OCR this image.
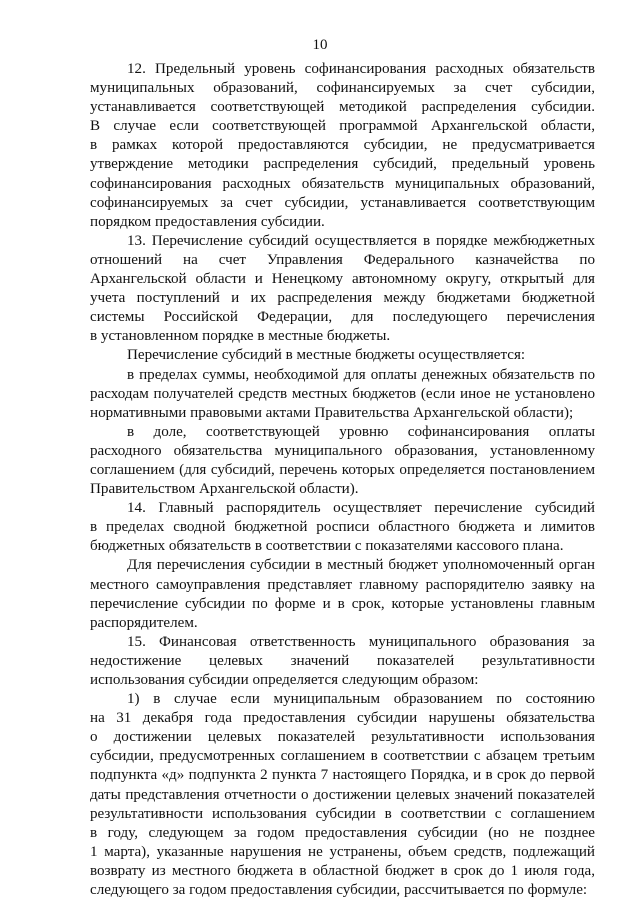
10
12. Предельный уровень софинансирования расходных обязательств
муниципальных образований, софинансируемых за счет субсидии,
устанавливается соответствующей методикой распределения субсидии.
В случае если соответствующей программой Архангельской области,
в рамках которой предоставляются субсидии, не предусматривается
утверждение методики распределения субсидий, предельный уровень
софинансирования расходных обязательств муниципальных образований,
софинансируемых за счет субсидии, устанавливается соответствующим
порядком предоставления субсидии.
13. Перечисление субсидий осуществляется в порядке межбюджетных
отношений на счет Управления Федерального казначейства по
Архангельской области и Ненецкому автономному округу, открытый для
учета поступлений и их распределения между бюджетами бюджетной
системы Российской Федерации, для последующего перечисления
в установленном порядке в местные бюджеты.
Перечисление субсидий в местные бюджеты осуществляется:
в пределах суммы, необходимой для оплаты денежных обязательств по
расходам получателей средств местных бюджетов (если иное не установлено
нормативными правовыми актами Правительства Архангельской области);
в доле, соответствующей уровню софинансирования оплаты
расходного обязательства муниципального образования, установленному
соглашением (для субсидий, перечень которых определяется постановлением
Правительством Архангельской области).
14. Главный распорядитель осуществляет перечисление субсидий
в пределах сводной бюджетной росписи областного бюджета и лимитов
бюджетных обязательств в соответствии с показателями кассового плана.
Для перечисления субсидии в местный бюджет уполномоченный орган
местного самоуправления представляет главному распорядителю заявку на
перечисление субсидии по форме и в срок, которые установлены главным
распорядителем.
15. Финансовая ответственность муниципального образования за
недостижение целевых значений показателей результативности
использования субсидии определяется следующим образом:
1) в случае если муниципальным образованием по состоянию
на 31 декабря года предоставления субсидии нарушены обязательства
о достижении целевых показателей результативности использования
субсидии, предусмотренных соглашением в соответствии с абзацем третьим
подпункта «д» подпункта 2 пункта 7 настоящего Порядка, и в срок до первой
даты представления отчетности о достижении целевых значений показателей
результативности использования субсидии в соответствии с соглашением
в году, следующем за годом предоставления субсидии (но не позднее
1 марта), указанные нарушения не устранены, объем средств, подлежащий
возврату из местного бюджета в областной бюджет в срок до 1 июля года,
следующего за годом предоставления субсидии, рассчитывается по формуле:
